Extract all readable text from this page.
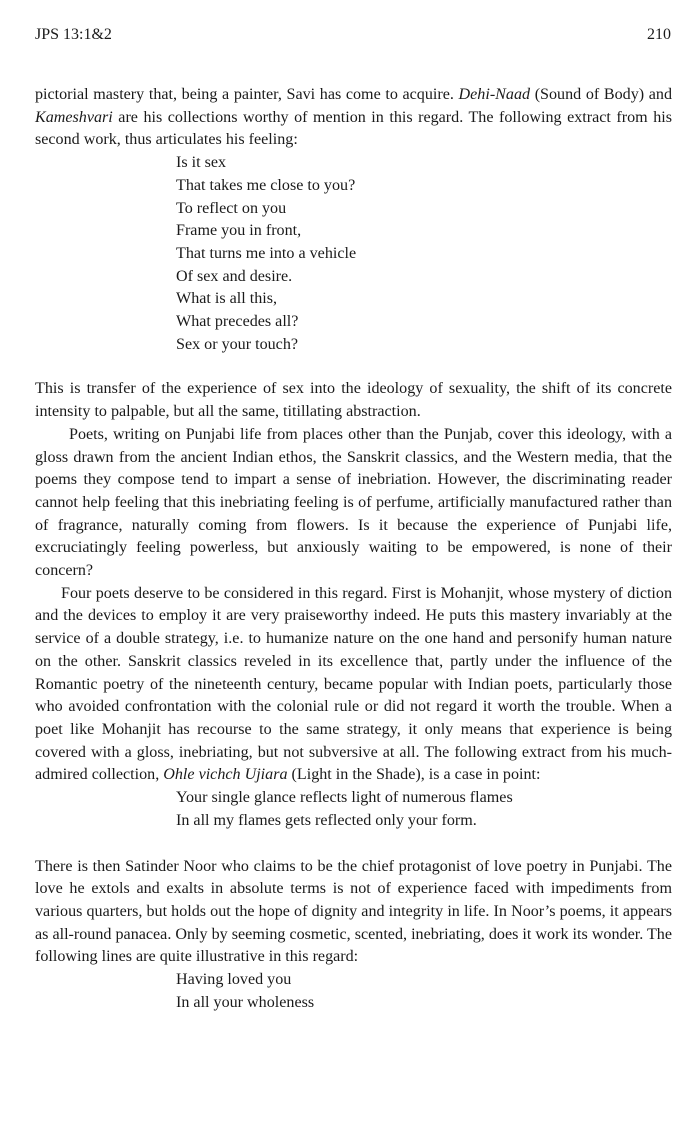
JPS 13:1&2	210

pictorial mastery that, being a painter, Savi has come to acquire. Dehi-Naad (Sound of Body) and Kameshvari are his collections worthy of mention in this regard. The following extract from his second work, thus articulates his feeling:

Is it sex
That takes me close to you?
To reflect on you
Frame you in front,
That turns me into a vehicle
Of sex and desire.
What is all this,
What precedes all?
Sex or your touch?

This is transfer of the experience of sex into the ideology of sexuality, the shift of its concrete intensity to palpable, but all the same, titillating abstraction.

Poets, writing on Punjabi life from places other than the Punjab, cover this ideology, with a gloss drawn from the ancient Indian ethos, the Sanskrit classics, and the Western media, that the poems they compose tend to impart a sense of inebriation. However, the discriminating reader cannot help feeling that this inebriating feeling is of perfume, artificially manufactured rather than of fragrance, naturally coming from flowers. Is it because the experience of Punjabi life, excruciatingly feeling powerless, but anxiously waiting to be empowered, is none of their concern?

Four poets deserve to be considered in this regard. First is Mohanjit, whose mystery of diction and the devices to employ it are very praiseworthy indeed. He puts this mastery invariably at the service of a double strategy, i.e. to humanize nature on the one hand and personify human nature on the other. Sanskrit classics reveled in its excellence that, partly under the influence of the Romantic poetry of the nineteenth century, became popular with Indian poets, particularly those who avoided confrontation with the colonial rule or did not regard it worth the trouble. When a poet like Mohanjit has recourse to the same strategy, it only means that experience is being covered with a gloss, inebriating, but not subversive at all. The following extract from his much-admired collection, Ohle vichch Ujiara (Light in the Shade), is a case in point:

Your single glance reflects light of numerous flames
In all my flames gets reflected only your form.

There is then Satinder Noor who claims to be the chief protagonist of love poetry in Punjabi. The love he extols and exalts in absolute terms is not of experience faced with impediments from various quarters, but holds out the hope of dignity and integrity in life. In Noor’s poems, it appears as all-round panacea. Only by seeming cosmetic, scented, inebriating, does it work its wonder. The following lines are quite illustrative in this regard:

Having loved you
In all your wholeness
